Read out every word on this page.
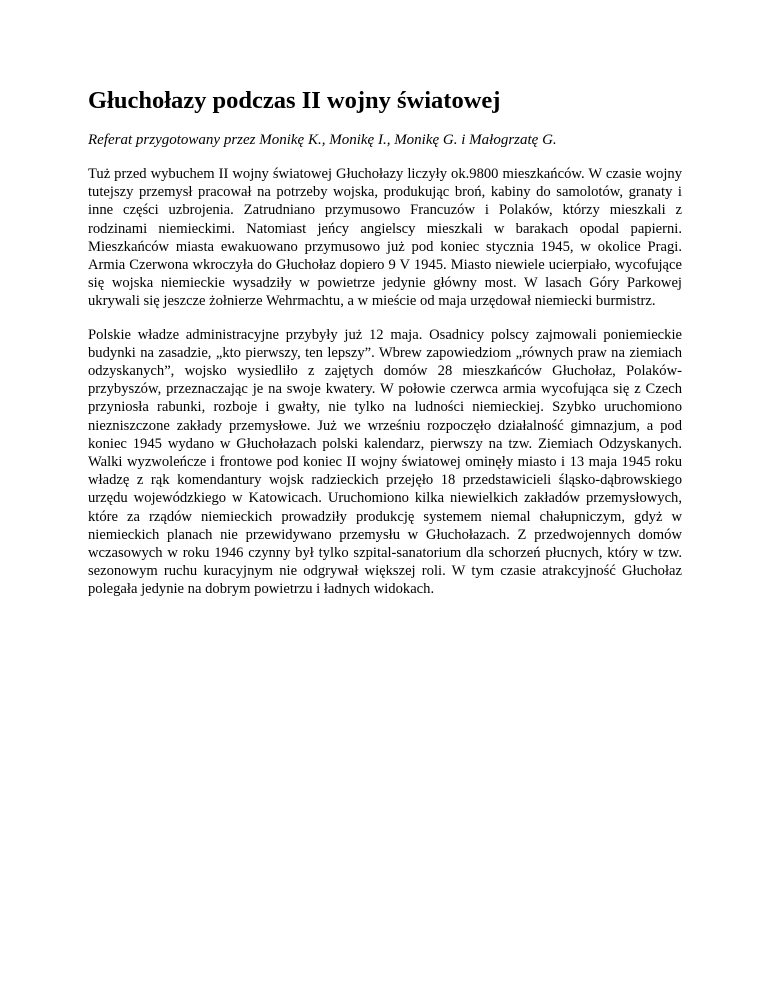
Głuchołazy podczas II wojny światowej

Referat przygotowany przez Monikę K., Monikę I., Monikę G. i Małogrzatę G.

Tuż przed wybuchem II wojny światowej Głuchołazy liczyły ok.9800 mieszkańców. W czasie wojny tutejszy przemysł pracował na potrzeby wojska, produkując broń, kabiny do samolotów, granaty i inne części uzbrojenia. Zatrudniano przymusowo Francuzów i Polaków, którzy mieszkali z rodzinami niemieckimi. Natomiast jeńcy angielscy mieszkali w barakach opodal papierni. Mieszkańców miasta ewakuowano przymusowo już pod koniec stycznia 1945, w okolice Pragi. Armia Czerwona wkroczyła do Głuchołaz dopiero 9 V 1945. Miasto niewiele ucierpiało, wycofujące się wojska niemieckie wysadziły w powietrze jedynie główny most. W lasach Góry Parkowej ukrywali się jeszcze żołnierze Wehrmachtu, a w mieście od maja urzędował niemiecki burmistrz.

Polskie władze administracyjne przybyły już 12 maja. Osadnicy polscy zajmowali poniemieckie budynki na zasadzie, „kto pierwszy, ten lepszy”. Wbrew zapowiedziom „równych praw na ziemiach odzyskanych”, wojsko wysiedliło z zajętych domów 28 mieszkańców Głuchołaz, Polaków-przybyszów, przeznaczając je na swoje kwatery. W połowie czerwca armia wycofująca się z Czech przyniosła rabunki, rozboje i gwałty, nie tylko na ludności niemieckiej. Szybko uruchomiono niezniszczone zakłady przemysłowe. Już we wrześniu rozpoczęło działalność gimnazjum, a pod koniec 1945 wydano w Głuchołazach polski kalendarz, pierwszy na tzw. Ziemiach Odzyskanych. Walki wyzwoleńcze i frontowe pod koniec II wojny światowej ominęły miasto i 13 maja 1945 roku władzę z rąk komendantury wojsk radzieckich przejęło 18 przedstawicieli śląsko-dąbrowskiego urzędu wojewódzkiego w Katowicach. Uruchomiono kilka niewielkich zakładów przemysłowych, które za rządów niemieckich prowadziły produkcję systemem niemal chałupniczym, gdyż w niemieckich planach nie przewidywano przemysłu w Głuchołazach. Z przedwojennych domów wczasowych w roku 1946 czynny był tylko szpital-sanatorium dla schorzeń płucnych, który w tzw. sezonowym ruchu kuracyjnym nie odgrywał większej roli. W tym czasie atrakcyjność Głuchołaz polegała jedynie na dobrym powietrzu i ładnych widokach.
